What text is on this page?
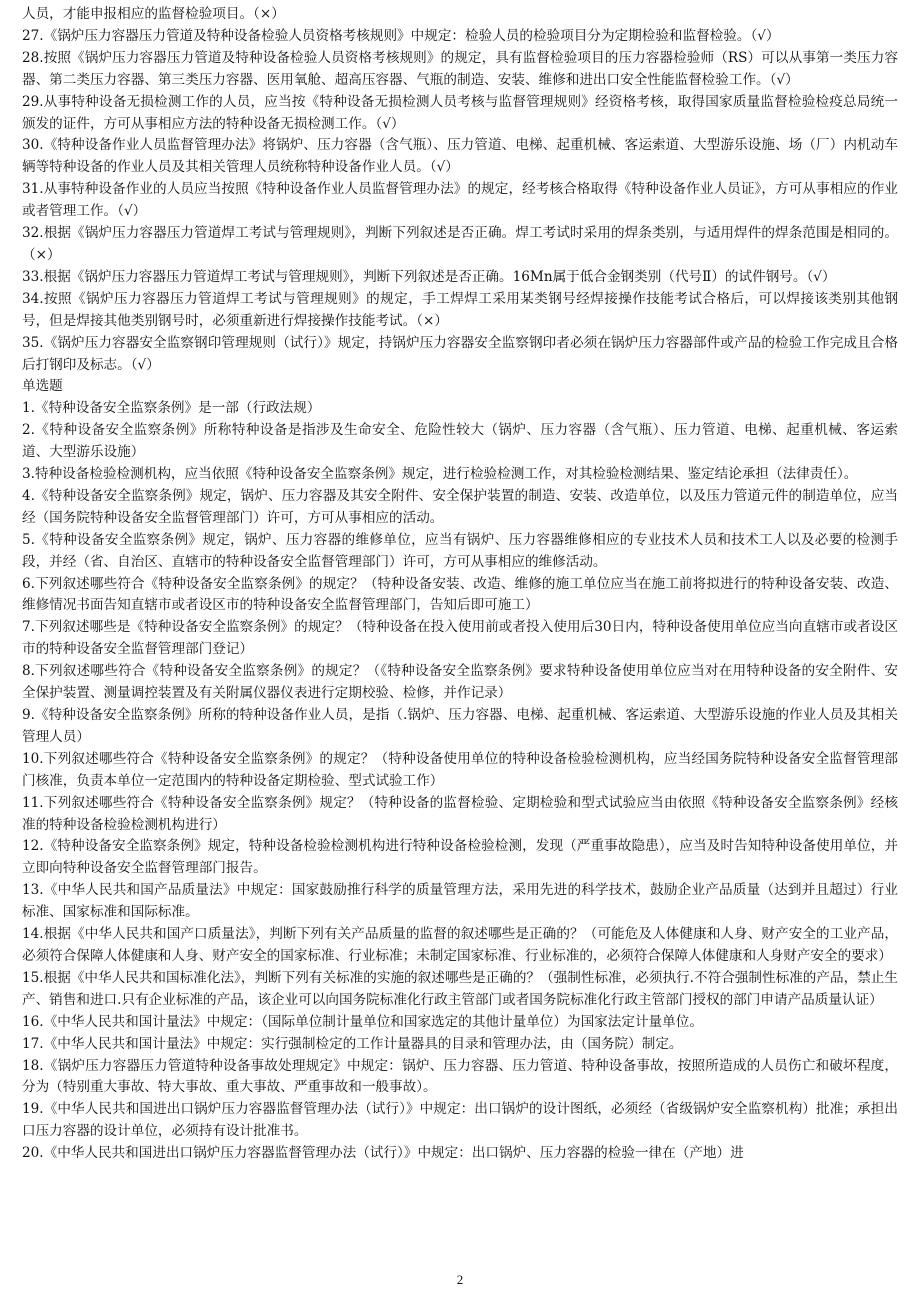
人员，才能申报相应的监督检验项目。（×）

27.《锅炉压力容器压力管道及特种设备检验人员资格考核规则》中规定：检验人员的检验项目分为定期检验和监督检验。（√）

28.按照《锅炉压力容器压力管道及特种设备检验人员资格考核规则》的规定，具有监督检验项目的压力容器检验师（RS）可以从事第一类压力容器、第二类压力容器、第三类压力容器、医用氧舱、超高压容器、气瓶的制造、安装、维修和进出口安全性能监督检验工作。（√）

29.从事特种设备无损检测工作的人员，应当按《特种设备无损检测人员考核与监督管理规则》经资格考核，取得国家质量监督检验检疫总局统一颁发的证件，方可从事相应方法的特种设备无损检测工作。（√）

30.《特种设备作业人员监督管理办法》将锅炉、压力容器（含气瓶）、压力管道、电梯、起重机械、客运索道、大型游乐设施、场（厂）内机动车辆等特种设备的作业人员及其相关管理人员统称特种设备作业人员。（√）

31.从事特种设备作业的人员应当按照《特种设备作业人员监督管理办法》的规定，经考核合格取得《特种设备作业人员证》，方可从事相应的作业或者管理工作。（√）

32.根据《锅炉压力容器压力管道焊工考试与管理规则》，判断下列叙述是否正确。焊工考试时采用的焊条类别，与适用焊件的焊条范围是相同的。（×）

33.根据《锅炉压力容器压力管道焊工考试与管理规则》，判断下列叙述是否正确。16Mn属于低合金钢类别（代号Ⅱ）的试件钢号。（√）

34.按照《锅炉压力容器压力管道焊工考试与管理规则》的规定，手工焊焊工采用某类钢号经焊接操作技能考试合格后，可以焊接该类别其他钢号，但是焊接其他类别钢号时，必须重新进行焊接操作技能考试。（×）

35.《锅炉压力容器安全监察钢印管理规则（试行）》规定，持锅炉压力容器安全监察钢印者必须在锅炉压力容器部件或产品的检验工作完成且合格后打钢印及标志。（√）

单选题

1.《特种设备安全监察条例》是一部（行政法规）

2.《特种设备安全监察条例》所称特种设备是指涉及生命安全、危险性较大（锅炉、压力容器（含气瓶）、压力管道、电梯、起重机械、客运索道、大型游乐设施）

3.特种设备检验检测机构，应当依照《特种设备安全监察条例》规定，进行检验检测工作，对其检验检测结果、鉴定结论承担（法律责任）。

4.《特种设备安全监察条例》规定，锅炉、压力容器及其安全附件、安全保护装置的制造、安装、改造单位，以及压力管道元件的制造单位，应当经（国务院特种设备安全监督管理部门）许可，方可从事相应的活动。

5.《特种设备安全监察条例》规定，锅炉、压力容器的维修单位，应当有锅炉、压力容器维修相应的专业技术人员和技术工人以及必要的检测手段，并经（省、自治区、直辖市的特种设备安全监督管理部门）许可，方可从事相应的维修活动。

6.下列叙述哪些符合《特种设备安全监察条例》的规定？（特种设备安装、改造、维修的施工单位应当在施工前将拟进行的特种设备安装、改造、维修情况书面告知直辖市或者设区市的特种设备安全监督管理部门，告知后即可施工）

7.下列叙述哪些是《特种设备安全监察条例》的规定？（特种设备在投入使用前或者投入使用后30日内，特种设备使用单位应当向直辖市或者设区市的特种设备安全监督管理部门登记）

8.下列叙述哪些符合《特种设备安全监察条例》的规定？（《特种设备安全监察条例》要求特种设备使用单位应当对在用特种设备的安全附件、安全保护装置、测量调控装置及有关附属仪器仪表进行定期校验、检修，并作记录）

9.《特种设备安全监察条例》所称的特种设备作业人员，是指（.锅炉、压力容器、电梯、起重机械、客运索道、大型游乐设施的作业人员及其相关管理人员）

10.下列叙述哪些符合《特种设备安全监察条例》的规定？（特种设备使用单位的特种设备检验检测机构，应当经国务院特种设备安全监督管理部门核准，负责本单位一定范围内的特种设备定期检验、型式试验工作）

11.下列叙述哪些符合《特种设备安全监察条例》规定？（特种设备的监督检验、定期检验和型式试验应当由依照《特种设备安全监察条例》经核准的特种设备检验检测机构进行）

12.《特种设备安全监察条例》规定，特种设备检验检测机构进行特种设备检验检测，发现（严重事故隐患），应当及时告知特种设备使用单位，并立即向特种设备安全监督管理部门报告。

13.《中华人民共和国产品质量法》中规定：国家鼓励推行科学的质量管理方法，采用先进的科学技术，鼓励企业产品质量（达到并且超过）行业标准、国家标准和国际标准。

14.根据《中华人民共和国产口质量法》，判断下列有关产品质量的监督的叙述哪些是正确的？（可能危及人体健康和人身、财产安全的工业产品，必须符合保障人体健康和人身、财产安全的国家标准、行业标准；未制定国家标准、行业标准的，必须符合保障人体健康和人身财产安全的要求）

15.根据《中华人民共和国标准化法》，判断下列有关标准的实施的叙述哪些是正确的？（强制性标准，必须执行.不符合强制性标准的产品，禁止生产、销售和进口.只有企业标准的产品，该企业可以向国务院标准化行政主管部门或者国务院标准化行政主管部门授权的部门申请产品质量认证）

16.《中华人民共和国计量法》中规定：（国际单位制计量单位和国家选定的其他计量单位）为国家法定计量单位。

17.《中华人民共和国计量法》中规定：实行强制检定的工作计量器具的目录和管理办法，由（国务院）制定。

18.《锅炉压力容器压力管道特种设备事故处理规定》中规定：锅炉、压力容器、压力管道、特种设备事故，按照所造成的人员伤亡和破坏程度，分为（特别重大事故、特大事故、重大事故、严重事故和一般事故）。

19.《中华人民共和国进出口锅炉压力容器监督管理办法（试行）》中规定：出口锅炉的设计图纸，必须经（省级锅炉安全监察机构）批准；承担出口压力容器的设计单位，必须持有设计批准书。

20.《中华人民共和国进出口锅炉压力容器监督管理办法（试行）》中规定：出口锅炉、压力容器的检验一律在（产地）进

2
